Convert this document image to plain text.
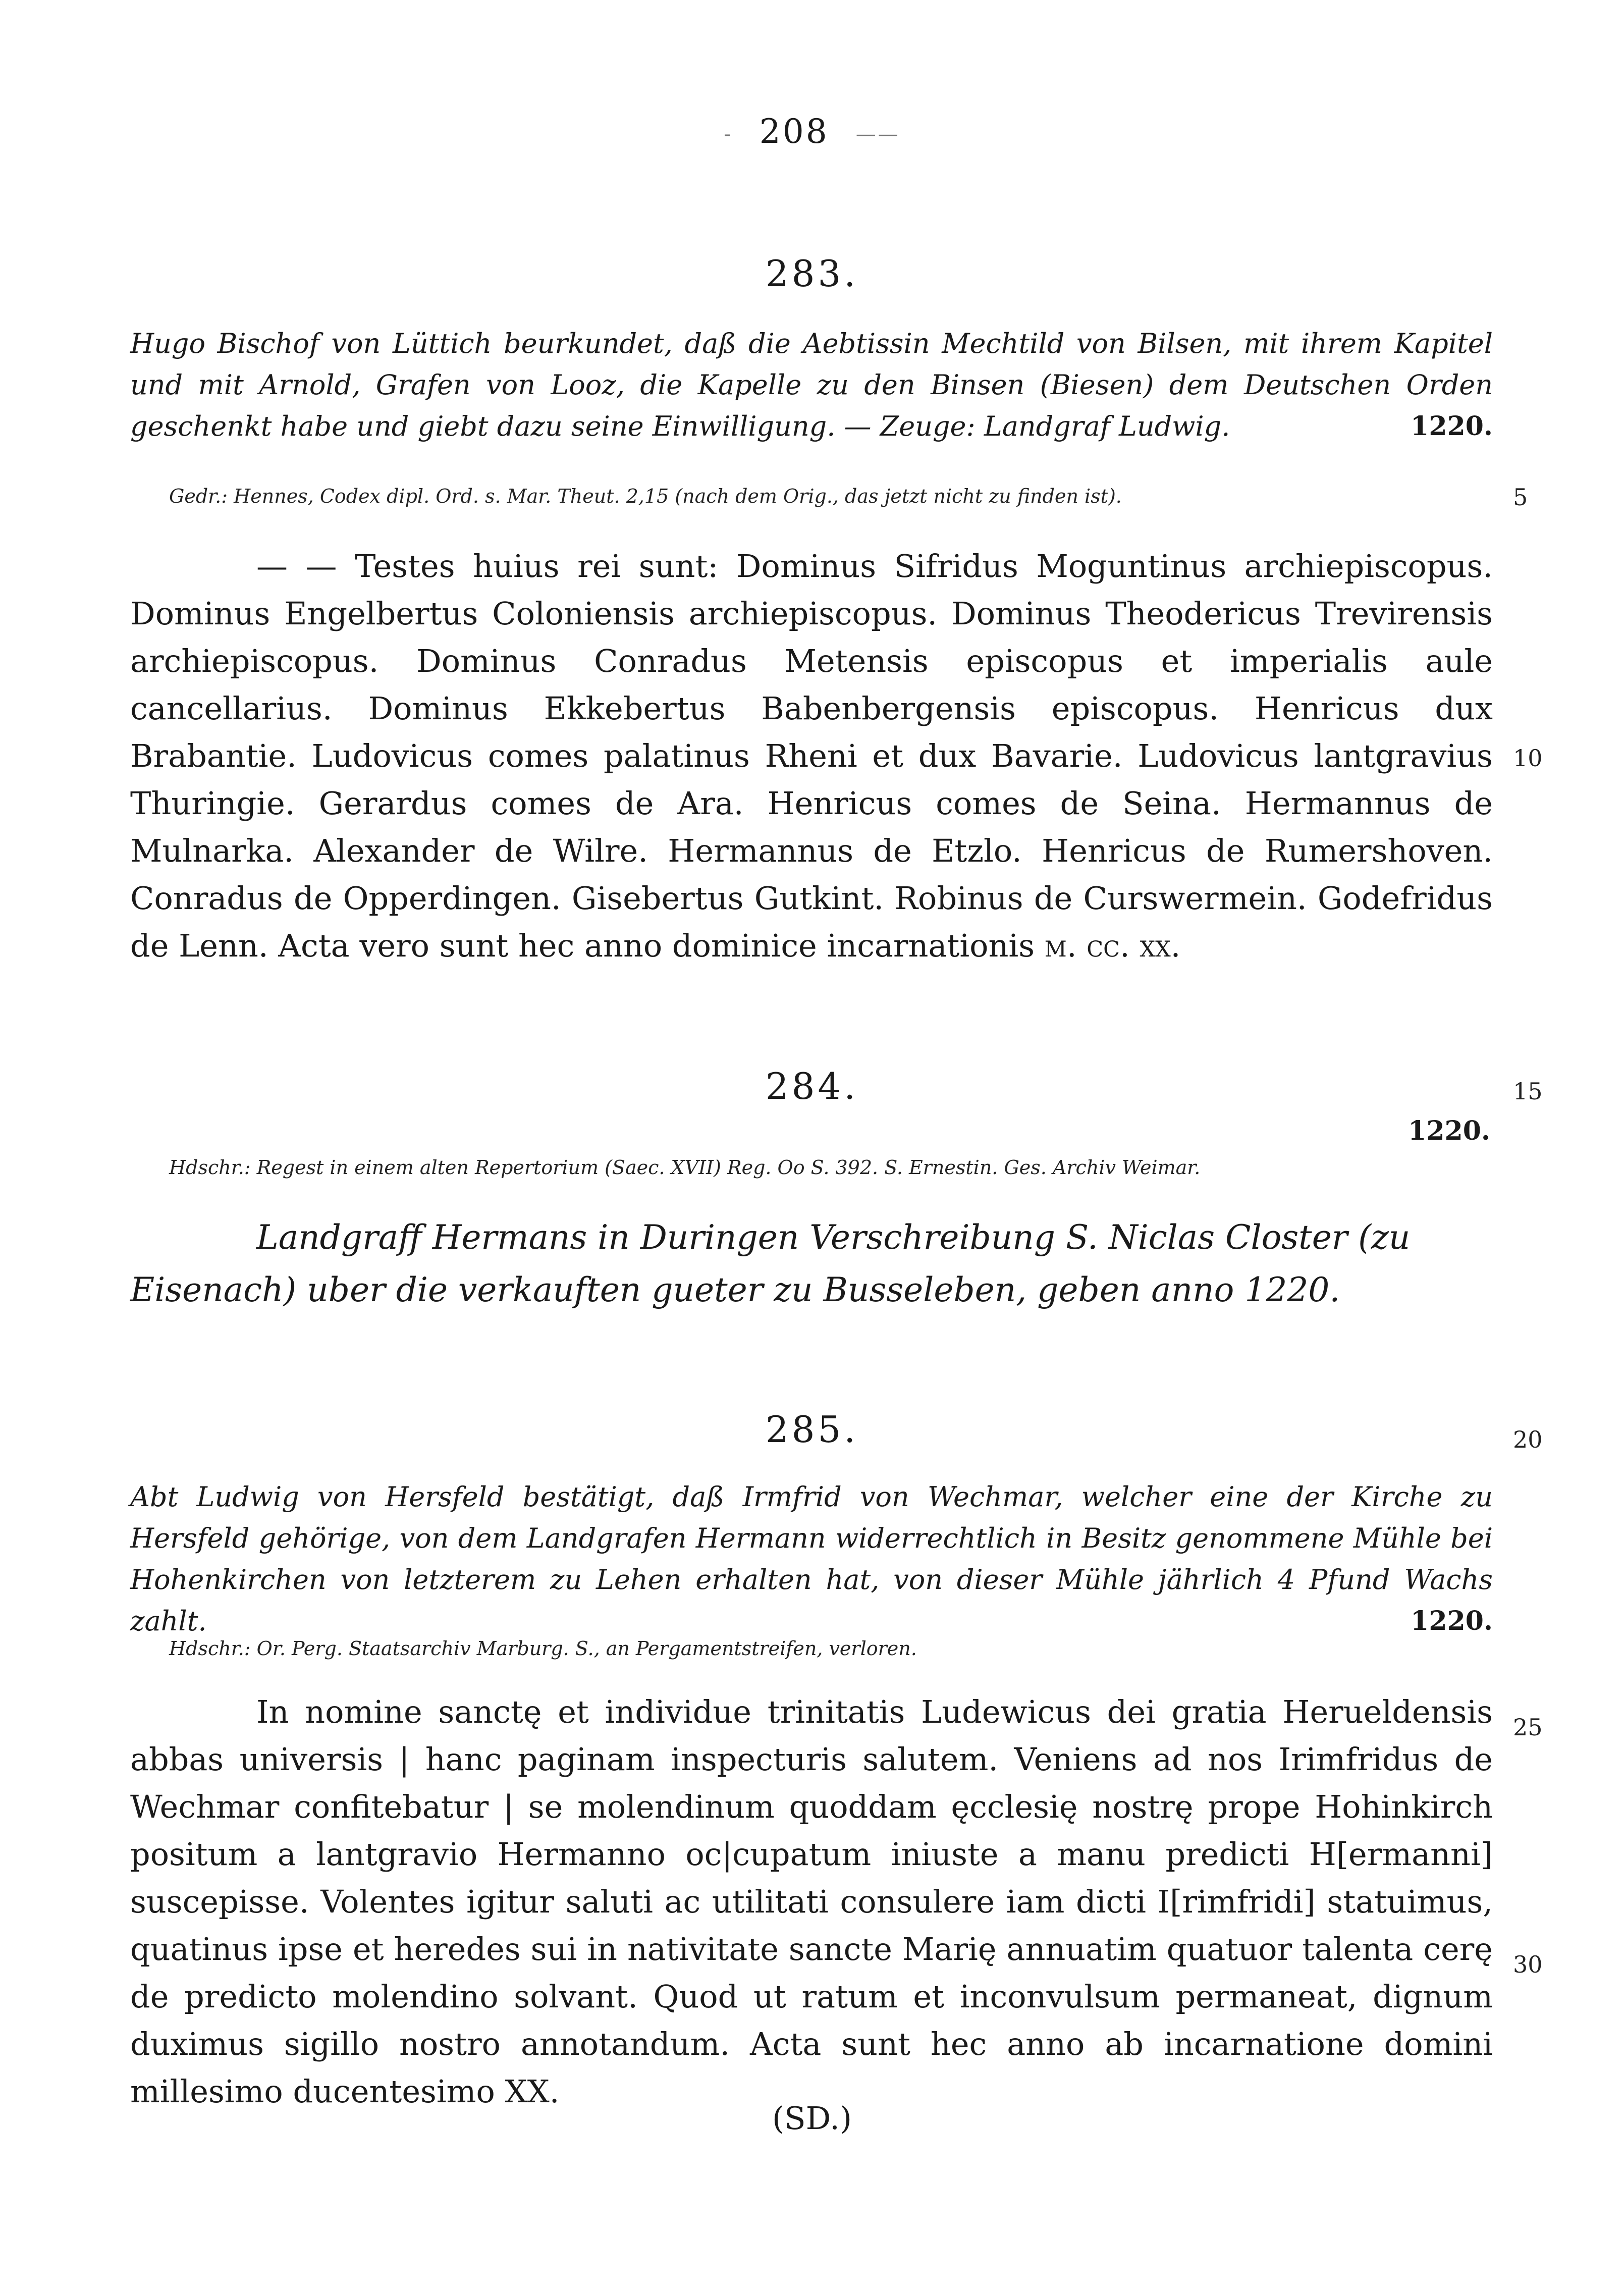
- 208 ——
283.
Hugo Bischof von Lüttich beurkundet, daß die Aebtissin Mechtild von Bilsen, mit ihrem Kapitel und mit Arnold, Grafen von Looz, die Kapelle zu den Binsen (Biesen) dem Deutschen Orden geschenkt habe und giebt dazu seine Einwilligung. — Zeuge: Landgraf Ludwig.	1220.
Gedr.: Hennes, Codex dipl. Ord. s. Mar. Theut. 2,15 (nach dem Orig., das jetzt nicht zu finden ist).
— — Testes huius rei sunt: Dominus Sifridus Moguntinus archiepiscopus. Dominus Engelbertus Coloniensis archiepiscopus. Dominus Theodericus Trevirensis archiepiscopus. Dominus Conradus Metensis episcopus et imperialis aule cancellarius. Dominus Ekkebertus Babenbergensis episcopus. Henricus dux Brabantie. Ludovicus comes palatinus Rheni et dux Bavarie. Ludovicus lantgravius Thuringie. Gerardus comes de Ara. Henricus comes de Seina. Hermannus de Mulnarka. Alexander de Wilre. Hermannus de Etzlo. Henricus de Rumershoven. Conradus de Opperdingen. Gisebertus Gutkint. Robinus de Curswermein. Godefridus de Lenn. Acta vero sunt hec anno dominice incarnationis m. cc. xx.
284.
1220.
Hdschr.: Regest in einem alten Repertorium (Saec. XVII) Reg. Oo S. 392. S. Ernestin. Ges. Archiv Weimar.
Landgraff Hermans in Duringen Verschreibung S. Niclas Closter (zu Eisenach) uber die verkauften gueter zu Busseleben, geben anno 1220.
285.
Abt Ludwig von Hersfeld bestätigt, daß Irmfrid von Wechmar, welcher eine der Kirche zu Hersfeld gehörige, von dem Landgrafen Hermann widerrechtlich in Besitz genommene Mühle bei Hohenkirchen von letzterem zu Lehen erhalten hat, von dieser Mühle jährlich 4 Pfund Wachs zahlt.	1220.
Hdschr.: Or. Perg. Staatsarchiv Marburg. S., an Pergamentstreifen, verloren.
In nomine sanctę et individue trinitatis Ludewicus dei gratia Herueldensis abbas universis | hanc paginam inspecturis salutem. Veniens ad nos Irimfridus de Wechmar confitebatur | se molendinum quoddam ęcclesię nostrę prope Hohinkirch positum a lantgravio Hermanno oc|cupatum iniuste a manu predicti H[ermanni] suscepisse. Volentes igitur saluti ac utilitati consulere iam dicti I[rimfridi] statuimus, quatinus ipse et heredes sui in nativitate sancte Marię annuatim quatuor talenta cerę de predicto molendino solvant. Quod ut ratum et inconvulsum permaneat, dignum duximus sigillo nostro annotandum. Acta sunt hec anno ab incarnatione domini millesimo ducentesimo XX.
(SD.)
5
10
15
20
25
30
